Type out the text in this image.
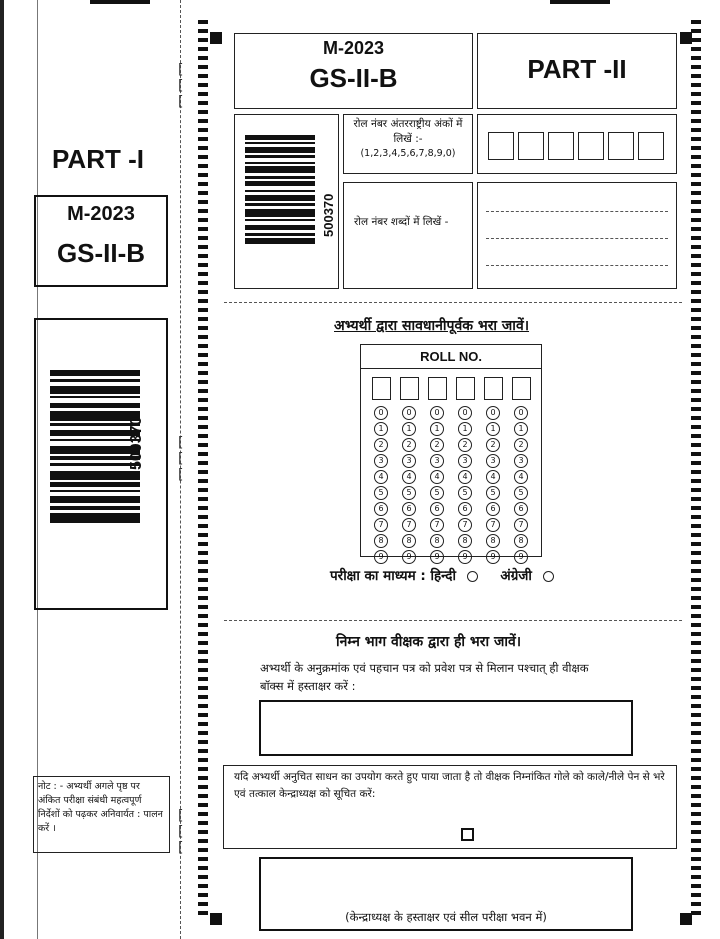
PART -I
M-2023
GS-II-B
500370
नोट : - अभ्यर्थी अगले पृष्ठ पर अंकित परीक्षा संबंधी महत्वपूर्ण निर्देशों को पढ़कर अनिवार्यत : पालन करें ।
[
[
[
[
[
[
[
[
[
M-2023
GS-II-B	PART -II
500370
रोल नंबर अंतरराष्ट्रीय अंकों में लिखें :-
(1,2,3,4,5,6,7,8,9,0)
रोल नंबर शब्दों में लिखें -
अभ्यर्थी द्वारा सावधानीपूर्वक भरा जावें।
ROLL NO.
0
1
2
3
4
5
6
7
8
9
0
1
2
3
4
5
6
7
8
9
0
1
2
3
4
5
6
7
8
9
0
1
2
3
4
5
6
7
8
9
0
1
2
3
4
5
6
7
8
9
0
1
2
3
4
5
6
7
8
9
परीक्षा का माध्यम : हिन्दी	अंग्रेजी
निम्न भाग वीक्षक द्वारा ही भरा जावें।
अभ्यर्थी के अनुक्रमांक एवं पहचान पत्र को प्रवेश पत्र से मिलान पश्चात् ही वीक्षक बॉक्स में हस्ताक्षर करें :
यदि अभ्यर्थी अनुचित साधन का उपयोग करते हुए पाया जाता है तो वीक्षक निम्नांकित गोले को काले/नीले पेन से भरे एवं तत्काल केन्द्राध्यक्ष को सूचित करें:
(केन्द्राध्यक्ष के हस्ताक्षर एवं सील परीक्षा भवन में)
